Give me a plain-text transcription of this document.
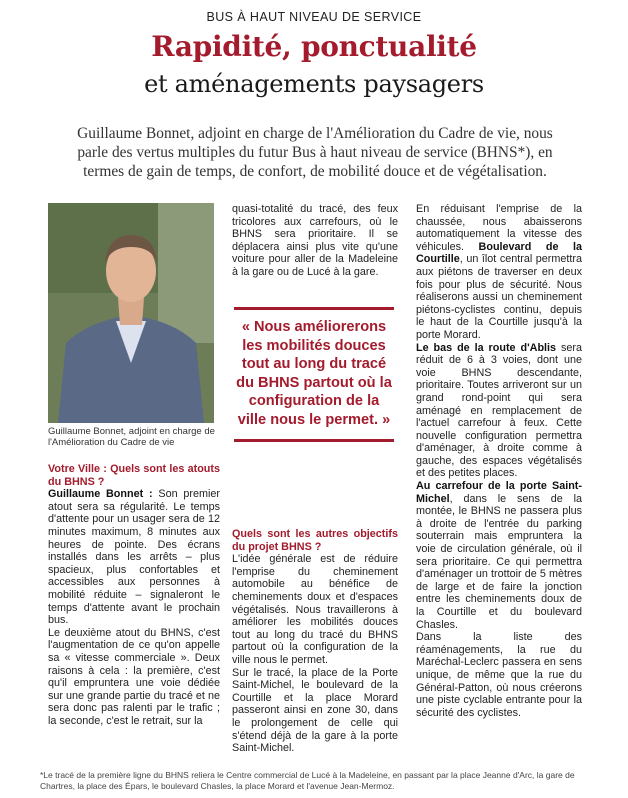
BUS À HAUT NIVEAU DE SERVICE
Rapidité, ponctualité
et aménagements paysagers
Guillaume Bonnet, adjoint en charge de l'Amélioration du Cadre de vie, nous parle des vertus multiples du futur Bus à haut niveau de service (BHNS*), en termes de gain de temps, de confort, de mobilité douce et de végétalisation.
Guillaume Bonnet, adjoint en charge de l'Amélioration du Cadre de vie

Votre Ville : Quels sont les atouts du BHNS ?

Guillaume Bonnet : Son premier atout sera sa régularité. Le temps d'attente pour un usager sera de 12 minutes maximum, 8 minutes aux heures de pointe. Des écrans installés dans les arrêts – plus spacieux, plus confortables et accessibles aux personnes à mobilité réduite – signaleront le temps d'attente avant le prochain bus.

Le deuxième atout du BHNS, c'est l'augmentation de ce qu'on appelle sa « vitesse commerciale ». Deux raisons à cela : la première, c'est qu'il empruntera une voie dédiée sur une grande partie du tracé et ne sera donc pas ralenti par le trafic ; la seconde, c'est le retrait, sur la

quasi-totalité du tracé, des feux tricolores aux carrefours, où le BHNS sera prioritaire. Il se déplacera ainsi plus vite qu'une voiture pour aller de la Madeleine à la gare ou de Lucé à la gare.

« Nous améliorerons les mobilités douces tout au long du tracé du BHNS partout où la configuration de la ville nous le permet. »

Quels sont les autres objectifs du projet BHNS ?

L'idée générale est de réduire l'emprise du cheminement automobile au bénéfice de cheminements doux et d'espaces végétalisés. Nous travaillerons à améliorer les mobilités douces tout au long du tracé du BHNS partout où la configuration de la ville nous le permet.

Sur le tracé, la place de la Porte Saint-Michel, le boulevard de la Courtille et la place Morard passeront ainsi en zone 30, dans le prolongement de celle qui s'étend déjà de la gare à la porte Saint-Michel.

En réduisant l'emprise de la chaussée, nous abaisserons automatiquement la vitesse des véhicules. Boulevard de la Courtille, un îlot central permettra aux piétons de traverser en deux fois pour plus de sécurité. Nous réaliserons aussi un cheminement piétons-cyclistes continu, depuis le haut de la Courtille jusqu'à la porte Morard.

Le bas de la route d'Ablis sera réduit de 6 à 3 voies, dont une voie BHNS descendante, prioritaire. Toutes arriveront sur un grand rond-point qui sera aménagé en remplacement de l'actuel carrefour à feux. Cette nouvelle configuration permettra d'aménager, à droite comme à gauche, des espaces végétalisés et des petites places.

Au carrefour de la porte Saint-Michel, dans le sens de la montée, le BHNS ne passera plus à droite de l'entrée du parking souterrain mais empruntera la voie de circulation générale, où il sera prioritaire. Ce qui permettra d'aménager un trottoir de 5 mètres de large et de faire la jonction entre les cheminements doux de la Courtille et du boulevard Chasles.

Dans la liste des réaménagements, la rue du Maréchal-Leclerc passera en sens unique, de même que la rue du Général-Patton, où nous créerons une piste cyclable entrante pour la sécurité des cyclistes.

*Le tracé de la première ligne du BHNS reliera le Centre commercial de Lucé à la Madeleine, en passant par la place Jeanne d'Arc, la gare de Chartres, la place des Épars, le boulevard Chasles, la place Morard et l'avenue Jean-Mermoz.
